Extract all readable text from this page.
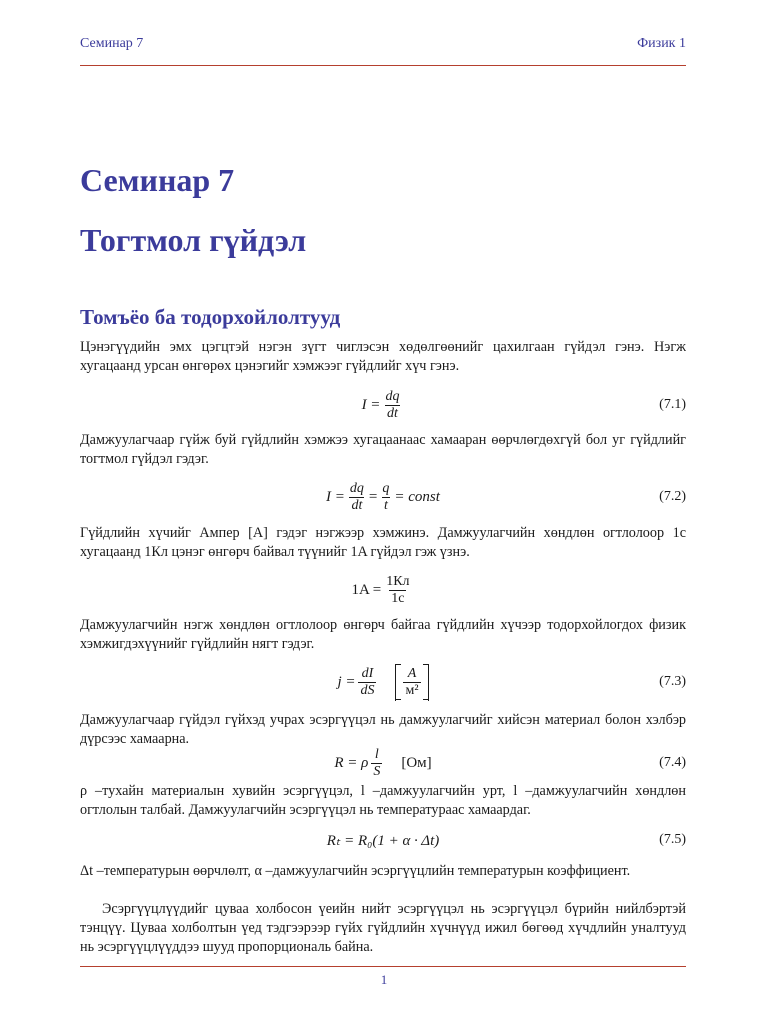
Семинар 7	Физик 1
Семинар 7
Тогтмол гүйдэл
Томъёо ба тодорхойлолтууд

Цэнэгүүдийн эмх цэгцтэй нэгэн зүгт чиглэсэн хөдөлгөөнийг цахилгаан гүйдэл гэнэ. Нэгж хугацаанд урсан өнгөрөх цэнэгийг хэмжээг гүйдлийг хүч гэнэ.

$I = \frac{dq}{dt}$	(7.1)

Дамжуулагчаар гүйж буй гүйдлийн хэмжээ хугацаанаас хамааран өөрчлөгдөхгүй бол уг гүйдлийг тогтмол гүйдэл гэдэг.

$I = \frac{dq}{dt} = \frac{q}{t}$ = const	(7.2)

Гүйдлийн хүчийг Ампер [A] гэдэг нэгжээр хэмжинэ. Дамжуулагчийн хөндлөн огтлолоор 1с хугацаанд 1Кл цэнэг өнгөрч байвал түүнийг 1A гүйдэл гэж үзнэ.

$1A = \frac{1Кл}{1с}$

Дамжуулагчийн нэгж хөндлөн огтлолоор өнгөрч байгаа гүйдлийн хүчээр тодорхойлогдох физик хэмжигдэхүүнийг гүйдлийн нягт гэдэг.

$j = \frac{dI}{dS} \frac{A}{\text{м²}}$	(7.3)

Дамжуулагчаар гүйдэл гүйхэд учрах эсэргүүцэл нь дамжуулагчийг хийсэн материал болон хэлбэр дүрсээс хамаарна.

R = ρ $\frac{l}{S} [Ом]$	(7.4)

ρ –тухайн материалын хувийн эсэргүүцэл, l –дамжуулагчийн урт, l –дамжуулагчийн хөндлөн огтлолын талбай. Дамжуулагчийн эсэргүүцэл нь температураас хамаардаг.

Rₜ = R₀(1 + α · Δt)	(7.5)

Δt –температурын өөрчлөлт, α –дамжуулагчийн эсэргүүцлийн температурын коэффициент.

Эсэргүүцлүүдийг цуваа холбосон үеийн нийт эсэргүүцэл нь эсэргүүцэл бүрийн нийлбэртэй тэнцүү. Цуваа холболтын үед тэдгээрээр гүйх гүйдлийн хүчнүүд ижил бөгөөд хүчдлийн уналтууд нь эсэргүүцлүүддээ шууд пропорциональ байна.

1
